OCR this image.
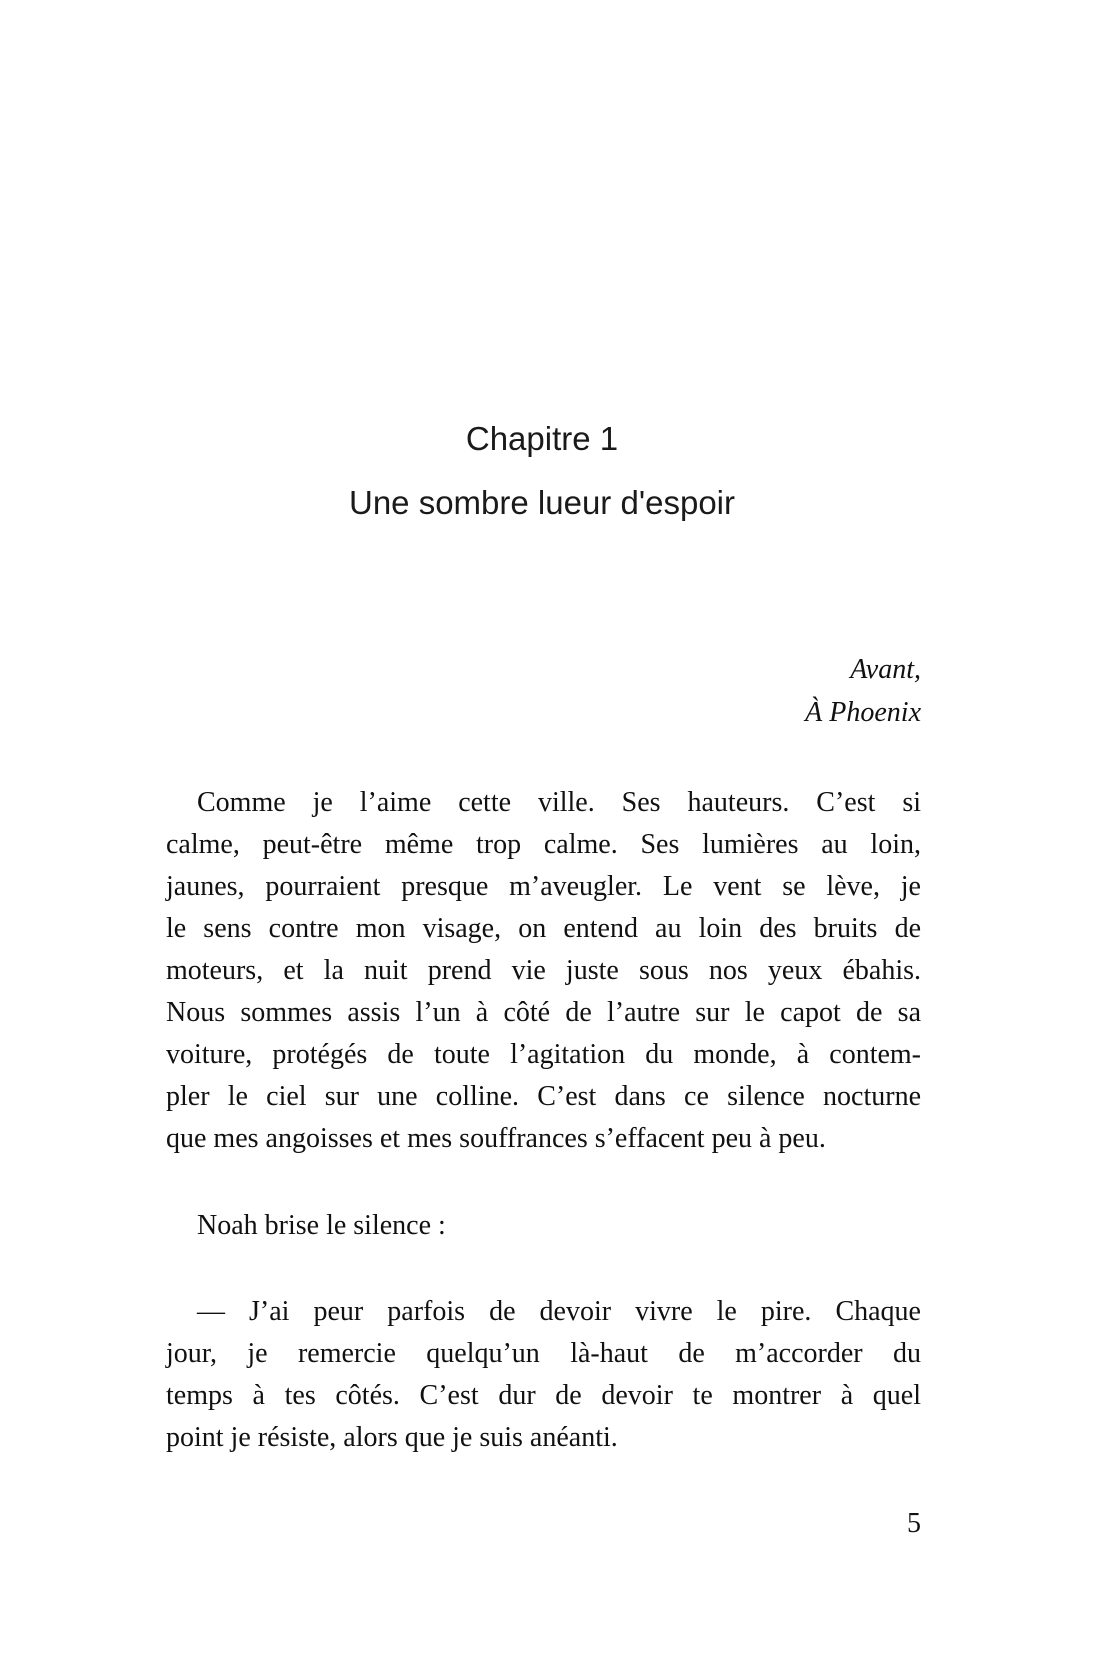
Chapitre 1
Une sombre lueur d'espoir
Avant,
À Phoenix
Comme je l’aime cette ville. Ses hauteurs. C’est si
calme, peut-être même trop calme. Ses lumières au loin,
jaunes, pourraient presque m’aveugler. Le vent se lève, je
le sens contre mon visage, on entend au loin des bruits de
moteurs, et la nuit prend vie juste sous nos yeux ébahis.
Nous sommes assis l’un à côté de l’autre sur le capot de sa
voiture, protégés de toute l’agitation du monde, à contem-
pler le ciel sur une colline. C’est dans ce silence nocturne
que mes angoisses et mes souffrances s’effacent peu à peu.
Noah brise le silence :
— J’ai peur parfois de devoir vivre le pire. Chaque
jour, je remercie quelqu’un là-haut de m’accorder du
temps à tes côtés. C’est dur de devoir te montrer à quel
point je résiste, alors que je suis anéanti.
5
